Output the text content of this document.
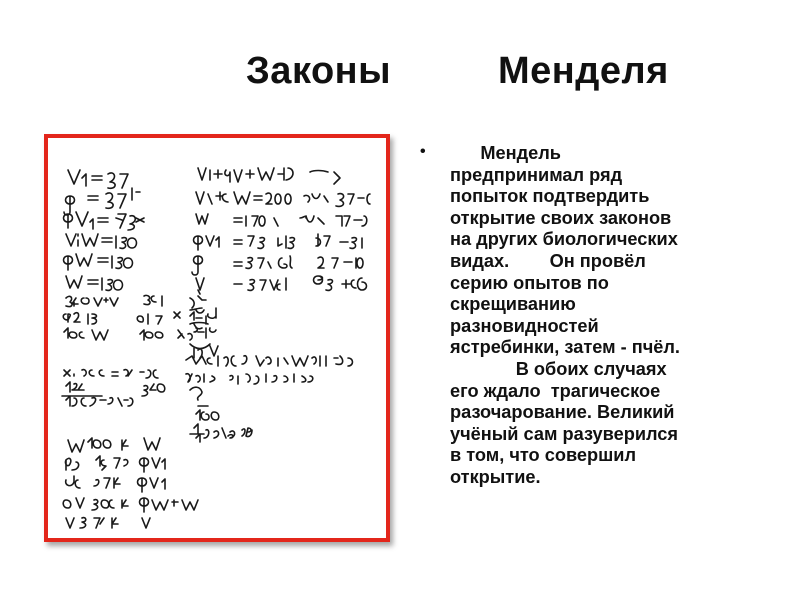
Законы	Менделя
• Мендель
предпринимал ряд
попыток подтвердить
открытие своих законов
на других биологических
видах.        Он провёл
серию опытов по
скрещиванию
разновидностей
ястребинки, затем - пчёл.
В обоих случаях
его ждало  трагическое
разочарование. Великий
учёный сам разуверился
в том, что совершил
открытие.
